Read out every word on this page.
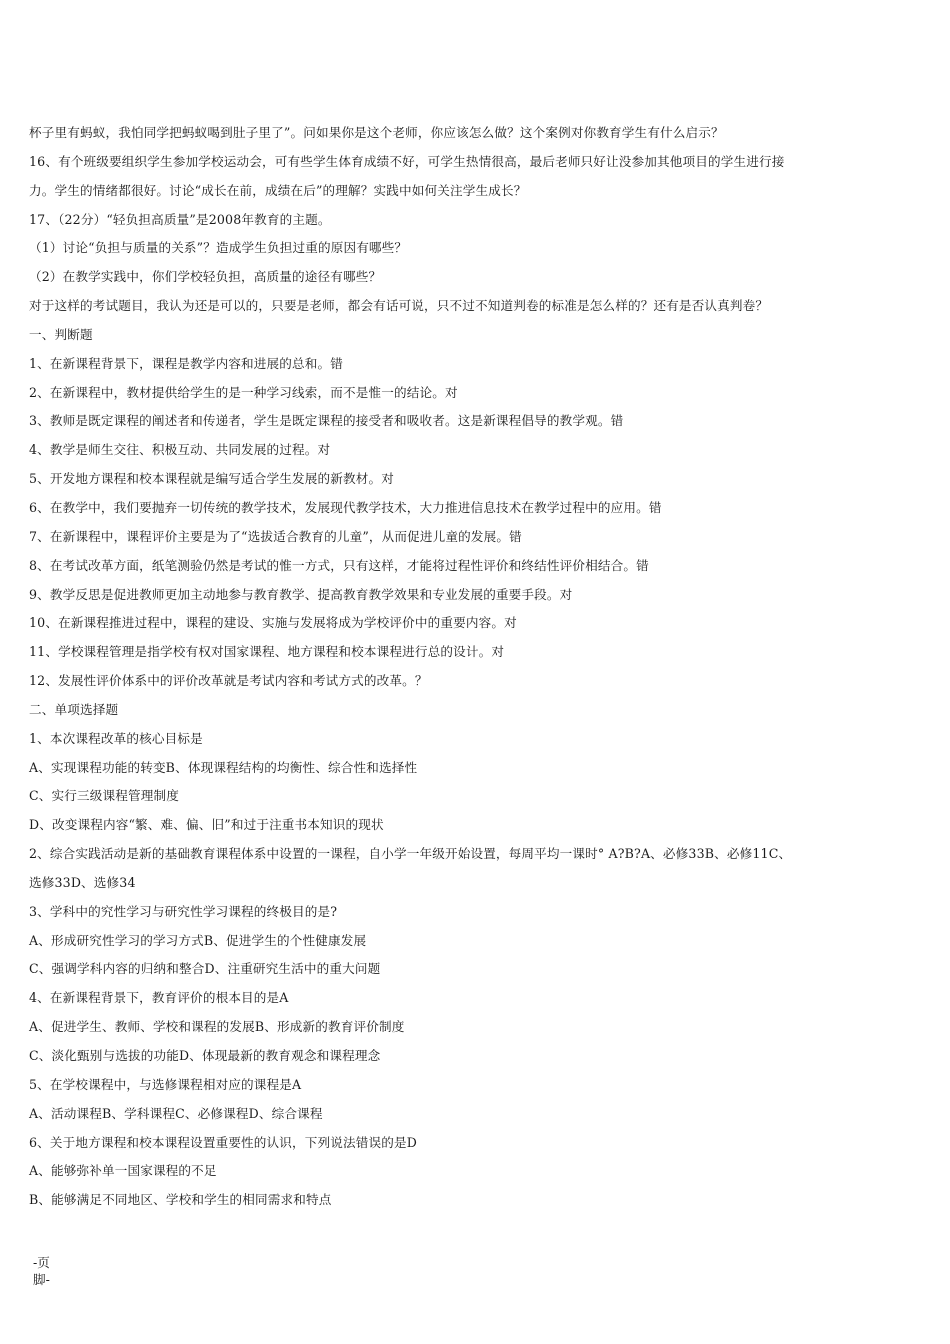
杯子里有蚂蚁，我怕同学把蚂蚁喝到肚子里了”。问如果你是这个老师，你应该怎么做？这个案例对你教育学生有什么启示？
16、有个班级要组织学生参加学校运动会，可有些学生体育成绩不好，可学生热情很高，最后老师只好让没参加其他项目的学生进行接
力。学生的情绪都很好。讨论“成长在前，成绩在后”的理解？实践中如何关注学生成长？
17、（22分）“轻负担高质量”是2008年教育的主题。
（1）讨论“负担与质量的关系”？造成学生负担过重的原因有哪些？
（2）在教学实践中，你们学校轻负担，高质量的途径有哪些？
对于这样的考试题目，我认为还是可以的，只要是老师，都会有话可说，只不过不知道判卷的标准是怎么样的？还有是否认真判卷？
一、判断题
1、在新课程背景下，课程是教学内容和进展的总和。错
2、在新课程中，教材提供给学生的是一种学习线索，而不是惟一的结论。对
3、教师是既定课程的阐述者和传递者，学生是既定课程的接受者和吸收者。这是新课程倡导的教学观。错
4、教学是师生交往、积极互动、共同发展的过程。对
5、开发地方课程和校本课程就是编写适合学生发展的新教材。对
6、在教学中，我们要抛弃一切传统的教学技术，发展现代教学技术，大力推进信息技术在教学过程中的应用。错
7、在新课程中，课程评价主要是为了“选拔适合教育的儿童”，从而促进儿童的发展。错
8、在考试改革方面，纸笔测验仍然是考试的惟一方式，只有这样，才能将过程性评价和终结性评价相结合。错
9、教学反思是促进教师更加主动地参与教育教学、提高教育教学效果和专业发展的重要手段。对
10、在新课程推进过程中，课程的建设、实施与发展将成为学校评价中的重要内容。对
11、学校课程管理是指学校有权对国家课程、地方课程和校本课程进行总的设计。对
12、发展性评价体系中的评价改革就是考试内容和考试方式的改革。？
二、单项选择题
1、本次课程改革的核心目标是
A、实现课程功能的转变B、体现课程结构的均衡性、综合性和选择性
C、实行三级课程管理制度
D、改变课程内容“繁、难、偏、旧”和过于注重书本知识的现状
2、综合实践活动是新的基础教育课程体系中设置的一课程，自小学一年级开始设置，每周平均一课时° A?B?A、必修33B、必修11C、
选修33D、选修34
3、学科中的究性学习与研究性学习课程的终极目的是?
A、形成研究性学习的学习方式B、促进学生的个性健康发展
C、强调学科内容的归纳和整合D、注重研究生活中的重大问题
4、在新课程背景下，教育评价的根本目的是A
A、促进学生、教师、学校和课程的发展B、形成新的教育评价制度
C、淡化甄别与选拔的功能D、体现最新的教育观念和课程理念
5、在学校课程中，与选修课程相对应的课程是A
A、活动课程B、学科课程C、必修课程D、综合课程
6、关于地方课程和校本课程设置重要性的认识，下列说法错误的是D
A、能够弥补单一国家课程的不足
B、能够满足不同地区、学校和学生的相同需求和特点
-页
脚-
